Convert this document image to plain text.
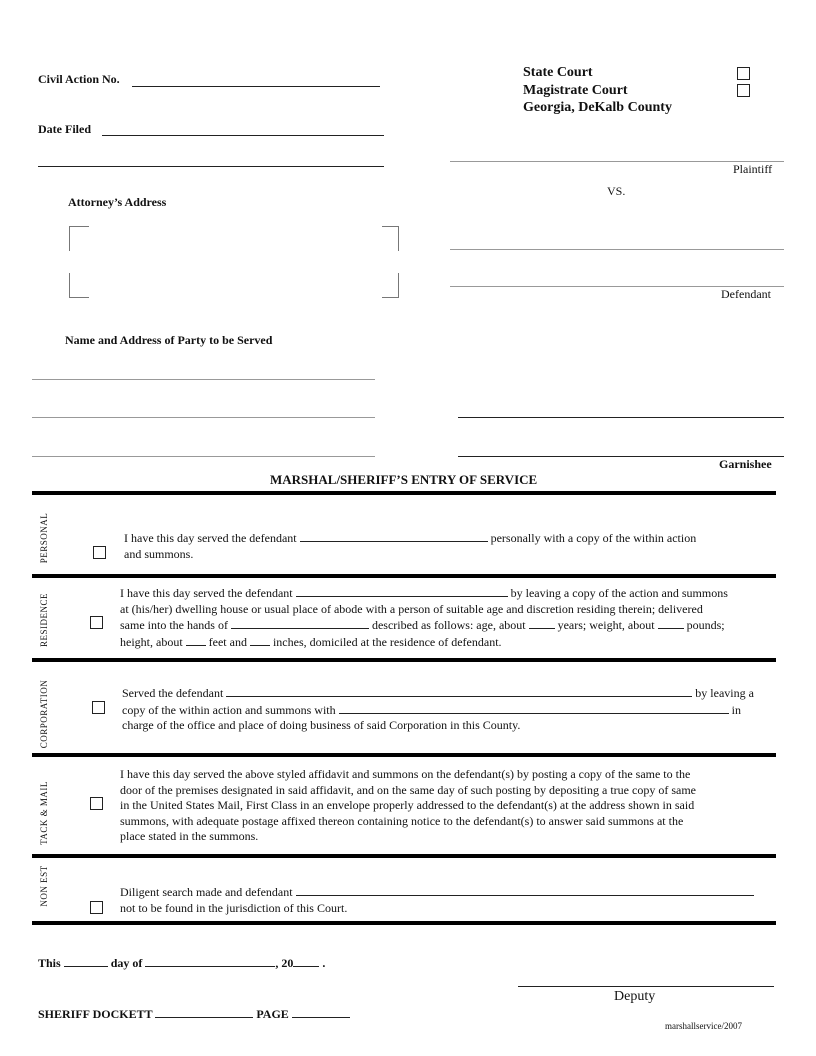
Civil Action No.
Date Filed
Attorney’s Address
Name and Address of Party to be Served
State Court
Magistrate Court
Georgia, DeKalb County
Plaintiff
VS.
Defendant
Garnishee
MARSHAL/SHERIFF’S ENTRY OF SERVICE
PERSONAL	I have this day served the defendant	personally with a copy of the within action
and summons.
RESIDENCE	I have this day served the defendant	by leaving a copy of the action and summons
at (his/her) dwelling house or usual place of abode with a person of suitable age and discretion residing therein; delivered
same into the hands of	described as follows: age, about	years; weight, about	pounds;
height, about feet and inches, domiciled at the residence of defendant.
CORPORATION	Served the defendant	by leaving a
copy of the within action and summons with	in
charge of the office and place of doing business of said Corporation in this County.
TACK & MAIL
I have this day served the above styled affidavit and summons on the defendant(s) by posting a copy of the same to the
door of the premises designated in said affidavit, and on the same day of such posting by depositing a true copy of same
in the United States Mail, First Class in an envelope properly addressed to the defendant(s) at the address shown in said
summons, with adequate postage affixed thereon containing notice to the defendant(s) to answer said summons at the
place stated in the summons.
NON EST	Diligent search made and defendant
not to be found in the jurisdiction of this Court.
This	day of	, 20 .
Deputy
SHERIFF DOCKETT	PAGE
marshallservice/2007
